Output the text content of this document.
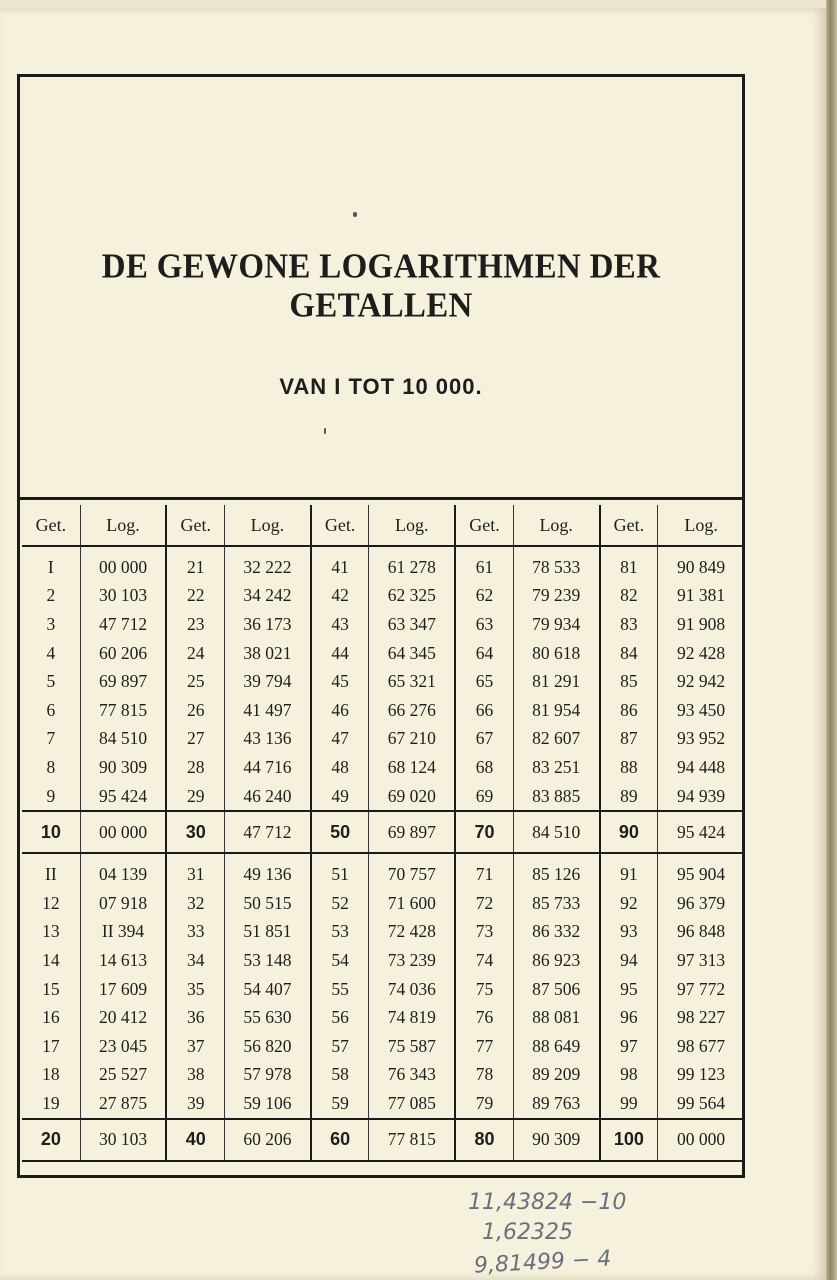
DE GEWONE LOGARITHMEN DER GETALLEN
VAN I TOT 10 000.
Get.	Log.	Get.	Log.	Get.	Log.	Get.	Log.	Get.	Log.

I	00 000	21	32 222	41	61 278	61	78 533	81	90 849
2	30 103	22	34 242	42	62 325	62	79 239	82	91 381
3	47 712	23	36 173	43	63 347	63	79 934	83	91 908
4	60 206	24	38 021	44	64 345	64	80 618	84	92 428
5	69 897	25	39 794	45	65 321	65	81 291	85	92 942
6	77 815	26	41 497	46	66 276	66	81 954	86	93 450
7	84 510	27	43 136	47	67 210	67	82 607	87	93 952
8	90 309	28	44 716	48	68 124	68	83 251	88	94 448
9	95 424	29	46 240	49	69 020	69	83 885	89	94 939
10	00 000	30	47 712	50	69 897	70	84 510	90	95 424

II	04 139	31	49 136	51	70 757	71	85 126	91	95 904
12	07 918	32	50 515	52	71 600	72	85 733	92	96 379
13	II 394	33	51 851	53	72 428	73	86 332	93	96 848
14	14 613	34	53 148	54	73 239	74	86 923	94	97 313
15	17 609	35	54 407	55	74 036	75	87 506	95	97 772
16	20 412	36	55 630	56	74 819	76	88 081	96	98 227
17	23 045	37	56 820	57	75 587	77	88 649	97	98 677
18	25 527	38	57 978	58	76 343	78	89 209	98	99 123
19	27 875	39	59 106	59	77 085	79	89 763	99	99 564
20	30 103	40	60 206	60	77 815	80	90 309	100	00 000
11,43824 −10
1,62325
9,81499 − 4
